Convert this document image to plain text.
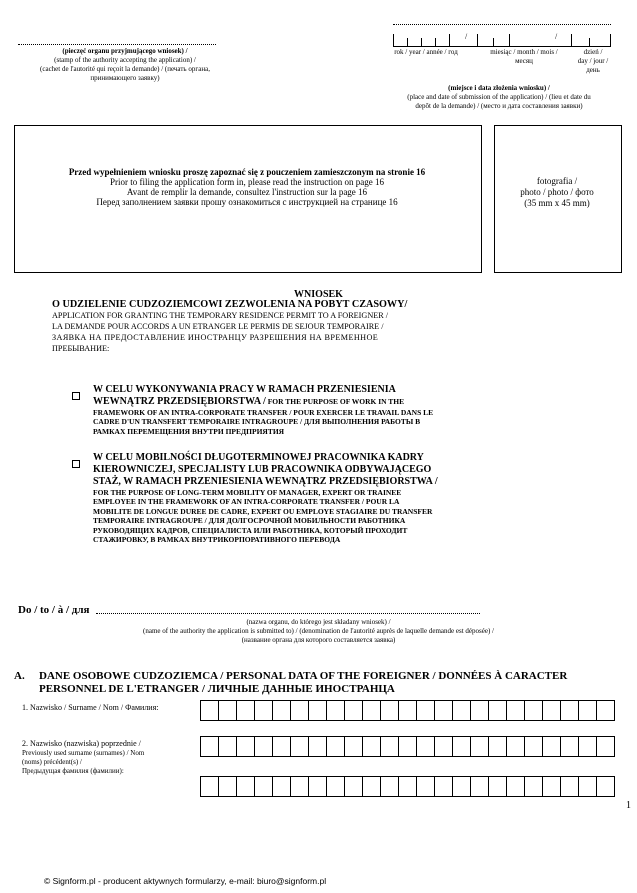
(pieczęć organu przyjmującego wniosek) /
(stamp of the authority accepting the application) /
(cachet de l'autorité qui reçoit la demande) / (печать органа,
принимающего заявку)
/	/
rok / year / année / год	miesiąc / month / mois /
месяц
dzień /
day / jour /
день
(miejsce i data złożenia wniosku) /
(place and date of submission of the application) / (lieu et date du
depôt de la demande) / (место и дата составления заявки)
Przed wypełnieniem wniosku proszę zapoznać się z pouczeniem zamieszczonym na stronie 16
Prior to filing the application form in, please read the instruction on page 16
Avant de remplir la demande, consultez l'instruction sur la page 16
Перед заполнением заявки прошу ознакомиться с инструкцией на странице 16
fotografia /
photo / photo / фото
(35 mm x 45 mm)
WNIOSEK
O UDZIELENIE CUDZOZIEMCOWI ZEZWOLENIA NA POBYT CZASOWY/
APPLICATION FOR GRANTING THE TEMPORARY RESIDENCE PERMIT TO A FOREIGNER /
LA DEMANDE POUR ACCORDS A UN ETRANGER LE PERMIS DE SEJOUR TEMPORAIRE /
ЗАЯВКА НА ПРЕДОСТАВЛЕНИЕ ИНОСТРАНЦУ РАЗРЕШЕНИЯ НА ВРЕМЕННОЕ
ПРЕБЫВАНИЕ:
W CELU WYKONYWANIA PRACY W RAMACH PRZENIESIENIA
WEWNĄTRZ PRZEDSIĘBIORSTWA / FOR THE PURPOSE OF WORK IN THE
FRAMEWORK OF AN INTRA-CORPORATE TRANSFER / POUR EXERCER LE TRAVAIL DANS LE
CADRE D'UN TRANSFERT TEMPORAIRE INTRAGROUPE / ДЛЯ ВЫПОЛНЕНИЯ РАБОТЫ В
РАМКАХ ПЕРЕМЕЩЕНИЯ ВНУТРИ ПРЕДПРИЯТИЯ
W CELU MOBILNOŚCI DŁUGOTERMINOWEJ PRACOWNIKA KADRY
KIEROWNICZEJ, SPECJALISTY LUB PRACOWNIKA ODBYWAJĄCEGO
STAŻ, W RAMACH PRZENIESIENIA WEWNĄTRZ PRZEDSIĘBIORSTWA /
FOR THE PURPOSE OF LONG-TERM MOBILITY OF MANAGER, EXPERT OR TRAINEE
EMPLOYEE IN THE FRAMEWORK OF AN INTRA-CORPORATE TRANSFER / POUR LA
MOBILITE DE LONGUE DUREE DE CADRE, EXPERT OU EMPLOYE STAGIAIRE DU TRANSFER
TEMPORAIRE INTRAGROUPE / ДЛЯ ДОЛГОСРОЧНОЙ МОБИЛЬНОСТИ РАБОТНИКА
РУКОВОДЯЩИХ КАДРОВ, СПЕЦИАЛИСТА ИЛИ РАБОТНИКА, КОТОРЫЙ ПРОХОДИТ
СТАЖИРОВКУ, В РАМКАХ ВНУТРИКОРПОРАТИВНОГО ПЕРЕВОДА
Do / to / à / для
(nazwa organu, do którego jest składany wniosek) /
(name of the authority the application is submitted to) / (denomination de l'autorité auprès de laquelle demande est déposée) /
(название органа для которого составляется заявка)
A. DANE OSOBOWE CUDZOZIEMCA / PERSONAL DATA OF THE FOREIGNER / DONNÉES À CARACTER
PERSONNEL DE L'ETRANGER / ЛИЧНЫЕ ДАННЫЕ ИНОСТРАНЦА
1. Nazwisko / Surname / Nom / Фамилия:
2. Nazwisko (nazwiska) poprzednie /
Previously used surname (surnames) / Nom
(noms) précédent(s) /
Предыдущая фамилия (фамилии):
1
© Signform.pl - producent aktywnych formularzy, e-mail: biuro@signform.pl
